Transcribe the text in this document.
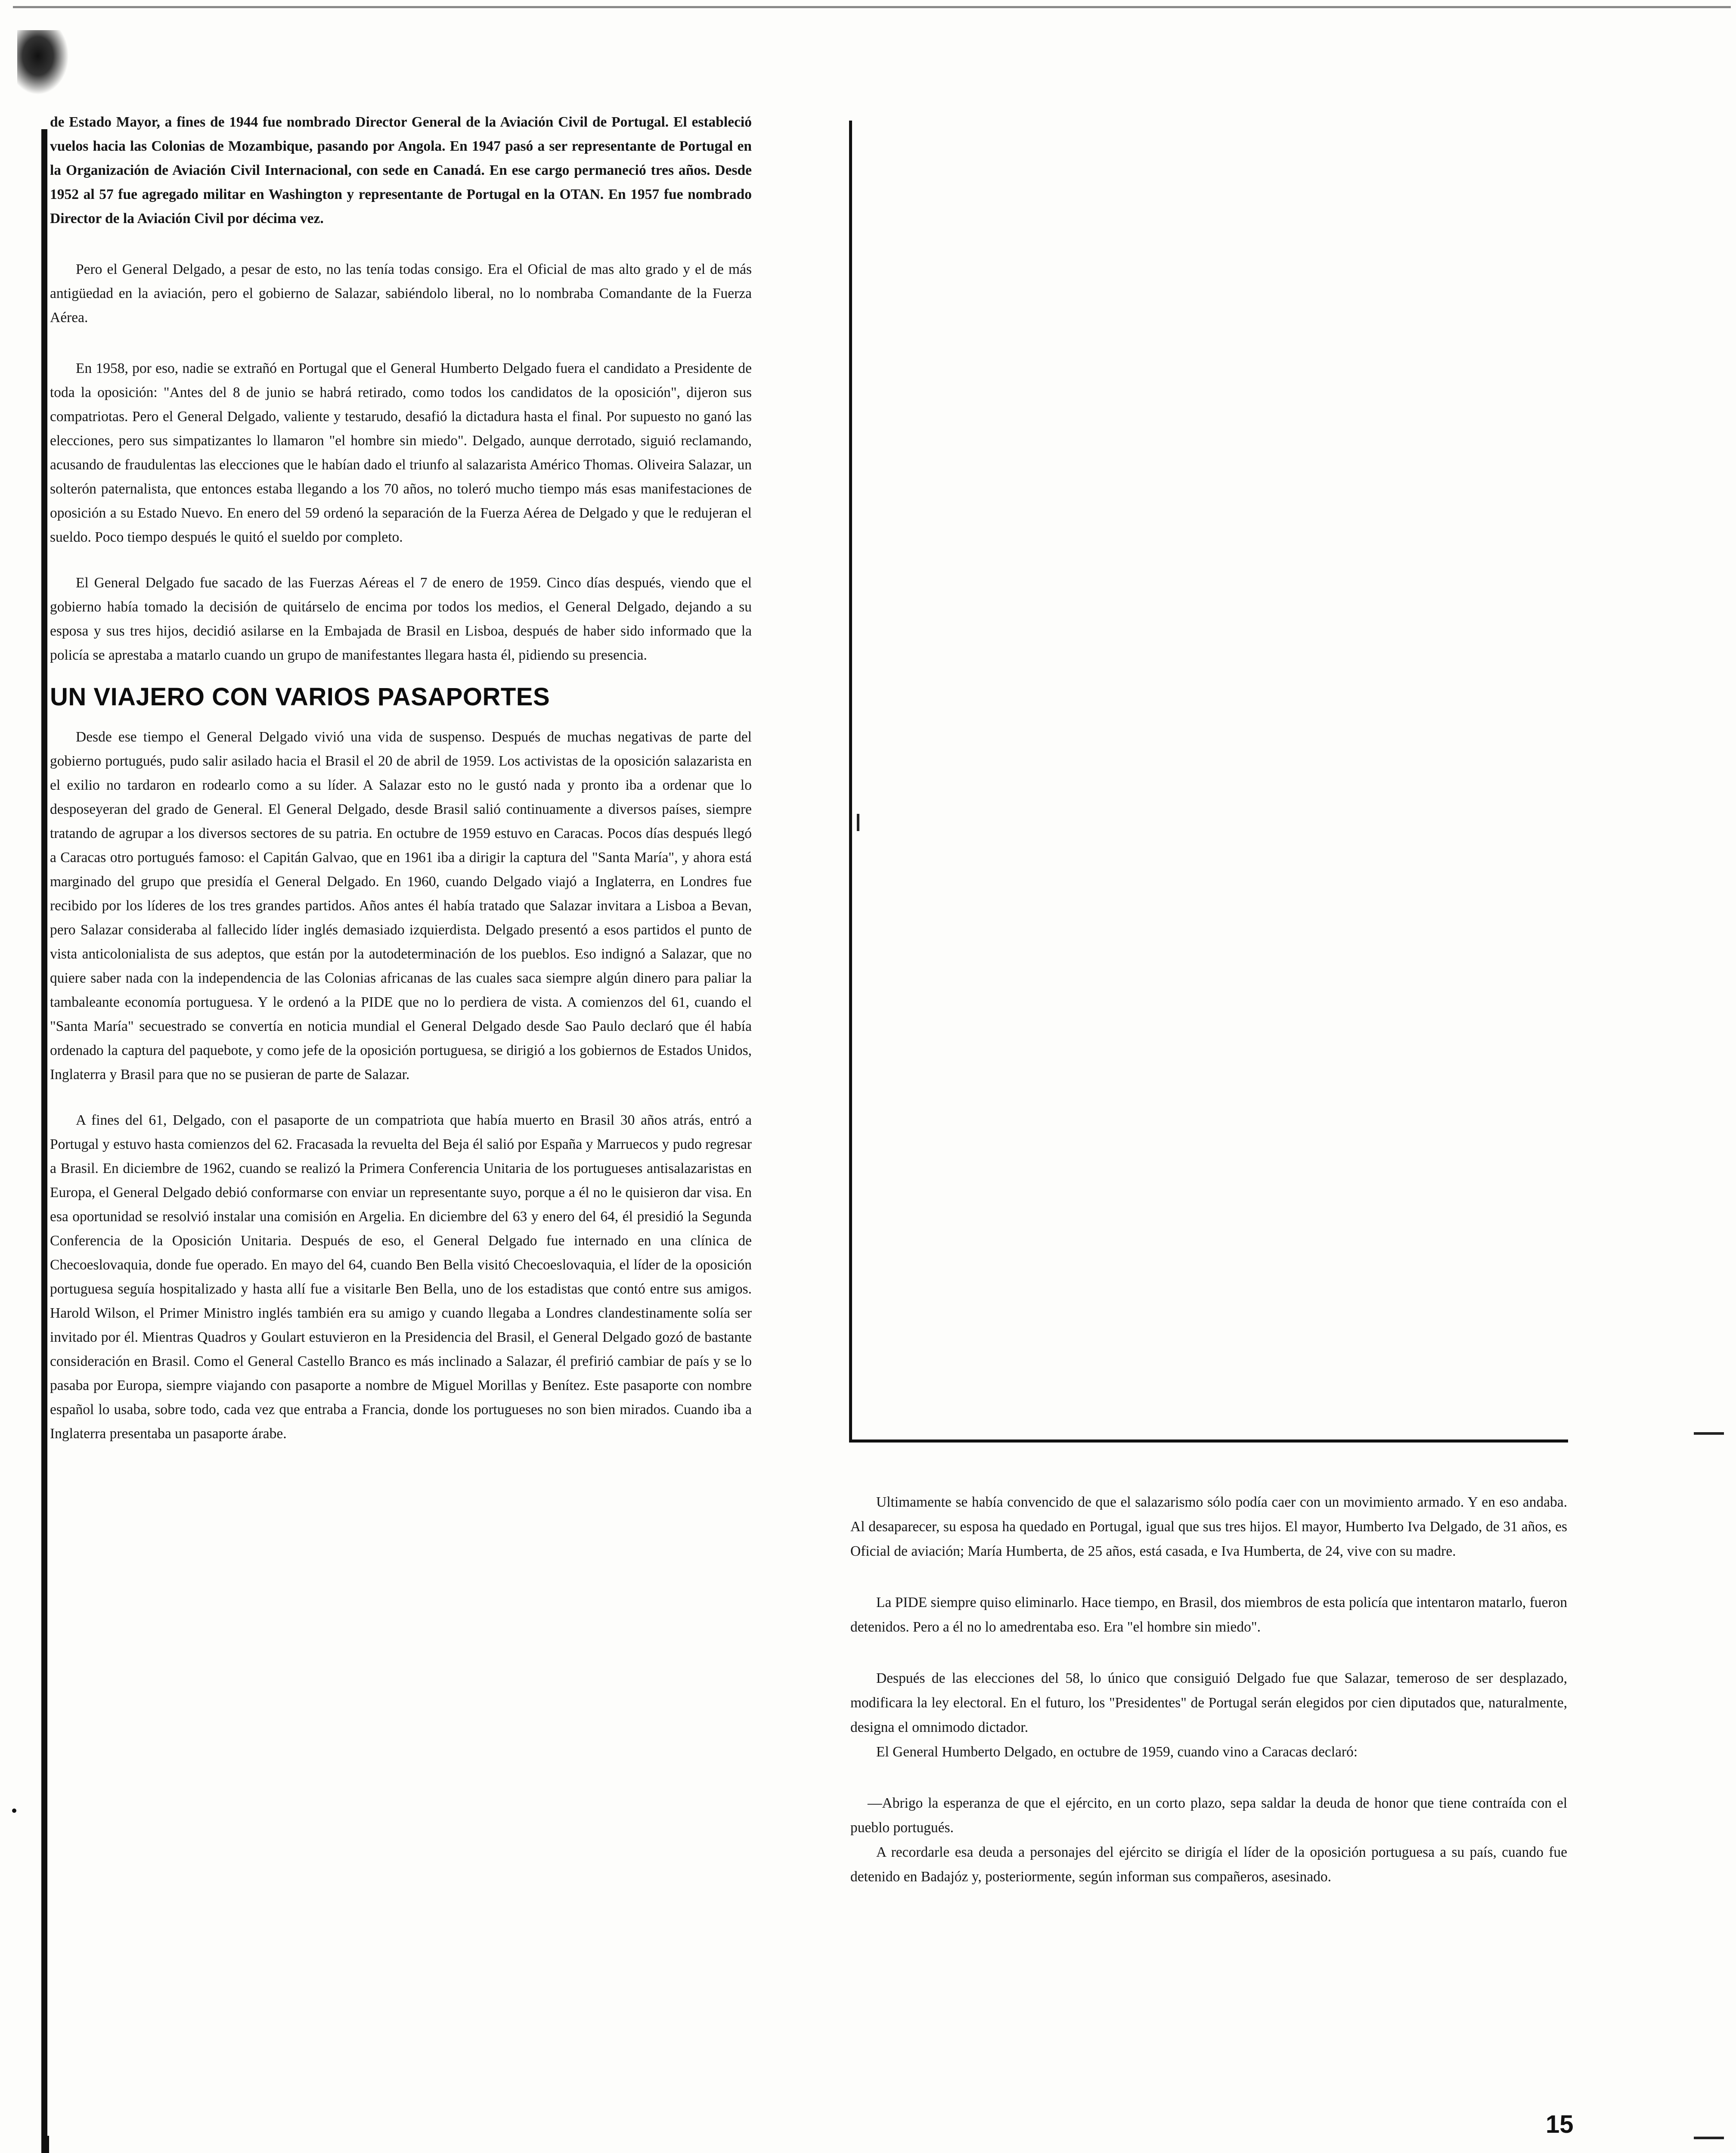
de Estado Mayor, a fines de 1944 fue nombrado Director General de la Aviación Civil de Portugal. El estableció vuelos hacia las Colonias de Mozambique, pasando por Angola. En 1947 pasó a ser representante de Portugal en la Organización de Aviación Civil Internacional, con sede en Canadá. En ese cargo permaneció tres años. Desde 1952 al 57 fue agregado militar en Washington y representante de Portugal en la OTAN. En 1957 fue nombrado Director de la Aviación Civil por décima vez.

Pero el General Delgado, a pesar de esto, no las tenía todas consigo. Era el Oficial de mas alto grado y el de más antigüedad en la aviación, pero el gobierno de Salazar, sabiéndolo liberal, no lo nombraba Comandante de la Fuerza Aérea.

En 1958, por eso, nadie se extrañó en Portugal que el General Humberto Delgado fuera el candidato a Presidente de toda la oposición: "Antes del 8 de junio se habrá retirado, como todos los candidatos de la oposición", dijeron sus compatriotas. Pero el General Delgado, valiente y testarudo, desafió la dictadura hasta el final. Por supuesto no ganó las elecciones, pero sus simpatizantes lo llamaron "el hombre sin miedo". Delgado, aunque derrotado, siguió reclamando, acusando de fraudulentas las elecciones que le habían dado el triunfo al salazarista Américo Thomas. Oliveira Salazar, un solterón paternalista, que entonces estaba llegando a los 70 años, no toleró mucho tiempo más esas manifestaciones de oposición a su Estado Nuevo. En enero del 59 ordenó la separación de la Fuerza Aérea de Delgado y que le redujeran el sueldo. Poco tiempo después le quitó el sueldo por completo.

El General Delgado fue sacado de las Fuerzas Aéreas el 7 de enero de 1959. Cinco días después, viendo que el gobierno había tomado la decisión de quitárselo de encima por todos los medios, el General Delgado, dejando a su esposa y sus tres hijos, decidió asilarse en la Embajada de Brasil en Lisboa, después de haber sido informado que la policía se aprestaba a matarlo cuando un grupo de manifestantes llegara hasta él, pidiendo su presencia.

UN VIAJERO CON VARIOS PASAPORTES

Desde ese tiempo el General Delgado vivió una vida de suspenso. Después de muchas negativas de parte del gobierno portugués, pudo salir asilado hacia el Brasil el 20 de abril de 1959. Los activistas de la oposición salazarista en el exilio no tardaron en rodearlo como a su líder. A Salazar esto no le gustó nada y pronto iba a ordenar que lo desposeyeran del grado de General. El General Delgado, desde Brasil salió continuamente a diversos países, siempre tratando de agrupar a los diversos sectores de su patria. En octubre de 1959 estuvo en Caracas. Pocos días después llegó a Caracas otro portugués famoso: el Capitán Galvao, que en 1961 iba a dirigir la captura del "Santa María", y ahora está marginado del grupo que presidía el General Delgado. En 1960, cuando Delgado viajó a Inglaterra, en Londres fue recibido por los líderes de los tres grandes partidos. Años antes él había tratado que Salazar invitara a Lisboa a Bevan, pero Salazar consideraba al fallecido líder inglés demasiado izquierdista. Delgado presentó a esos partidos el punto de vista anticolonialista de sus adeptos, que están por la autodeterminación de los pueblos. Eso indignó a Salazar, que no quiere saber nada con la independencia de las Colonias africanas de las cuales saca siempre algún dinero para paliar la tambaleante economía portuguesa. Y le ordenó a la PIDE que no lo perdiera de vista. A comienzos del 61, cuando el "Santa María" secuestrado se convertía en noticia mundial el General Delgado desde Sao Paulo declaró que él había ordenado la captura del paquebote, y como jefe de la oposición portuguesa, se dirigió a los gobiernos de Estados Unidos, Inglaterra y Brasil para que no se pusieran de parte de Salazar.

A fines del 61, Delgado, con el pasaporte de un compatriota que había muerto en Brasil 30 años atrás, entró a Portugal y estuvo hasta comienzos del 62. Fracasada la revuelta del Beja él salió por España y Marruecos y pudo regresar a Brasil. En diciembre de 1962, cuando se realizó la Primera Conferencia Unitaria de los portugueses antisalazaristas en Europa, el General Delgado debió conformarse con enviar un representante suyo, porque a él no le quisieron dar visa. En esa oportunidad se resolvió instalar una comisión en Argelia. En diciembre del 63 y enero del 64, él presidió la Segunda Conferencia de la Oposición Unitaria. Después de eso, el General Delgado fue internado en una clínica de Checoeslovaquia, donde fue operado. En mayo del 64, cuando Ben Bella visitó Checoeslovaquia, el líder de la oposición portuguesa seguía hospitalizado y hasta allí fue a visitarle Ben Bella, uno de los estadistas que contó entre sus amigos. Harold Wilson, el Primer Ministro inglés también era su amigo y cuando llegaba a Londres clandestinamente solía ser invitado por él. Mientras Quadros y Goulart estuvieron en la Presidencia del Brasil, el General Delgado gozó de bastante consideración en Brasil. Como el General Castello Branco es más inclinado a Salazar, él prefirió cambiar de país y se lo pasaba por Europa, siempre viajando con pasaporte a nombre de Miguel Morillas y Benítez. Este pasaporte con nombre español lo usaba, sobre todo, cada vez que entraba a Francia, donde los portugueses no son bien mirados. Cuando iba a Inglaterra presentaba un pasaporte árabe.

Ultimamente se había convencido de que el salazarismo sólo podía caer con un movimiento armado. Y en eso andaba. Al desaparecer, su esposa ha quedado en Portugal, igual que sus tres hijos. El mayor, Humberto Iva Delgado, de 31 años, es Oficial de aviación; María Humberta, de 25 años, está casada, e Iva Humberta, de 24, vive con su madre.

La PIDE siempre quiso eliminarlo. Hace tiempo, en Brasil, dos miembros de esta policía que intentaron matarlo, fueron detenidos. Pero a él no lo amedrentaba eso. Era "el hombre sin miedo".

Después de las elecciones del 58, lo único que consiguió Delgado fue que Salazar, temeroso de ser desplazado, modificara la ley electoral. En el futuro, los "Presidentes" de Portugal serán elegidos por cien diputados que, naturalmente, designa el omnimodo dictador.

El General Humberto Delgado, en octubre de 1959, cuando vino a Caracas declaró:

—Abrigo la esperanza de que el ejército, en un corto plazo, sepa saldar la deuda de honor que tiene contraída con el pueblo portugués.

A recordarle esa deuda a personajes del ejército se dirigía el líder de la oposición portuguesa a su país, cuando fue detenido en Badajóz y, posteriormente, según informan sus compañeros, asesinado.

15
